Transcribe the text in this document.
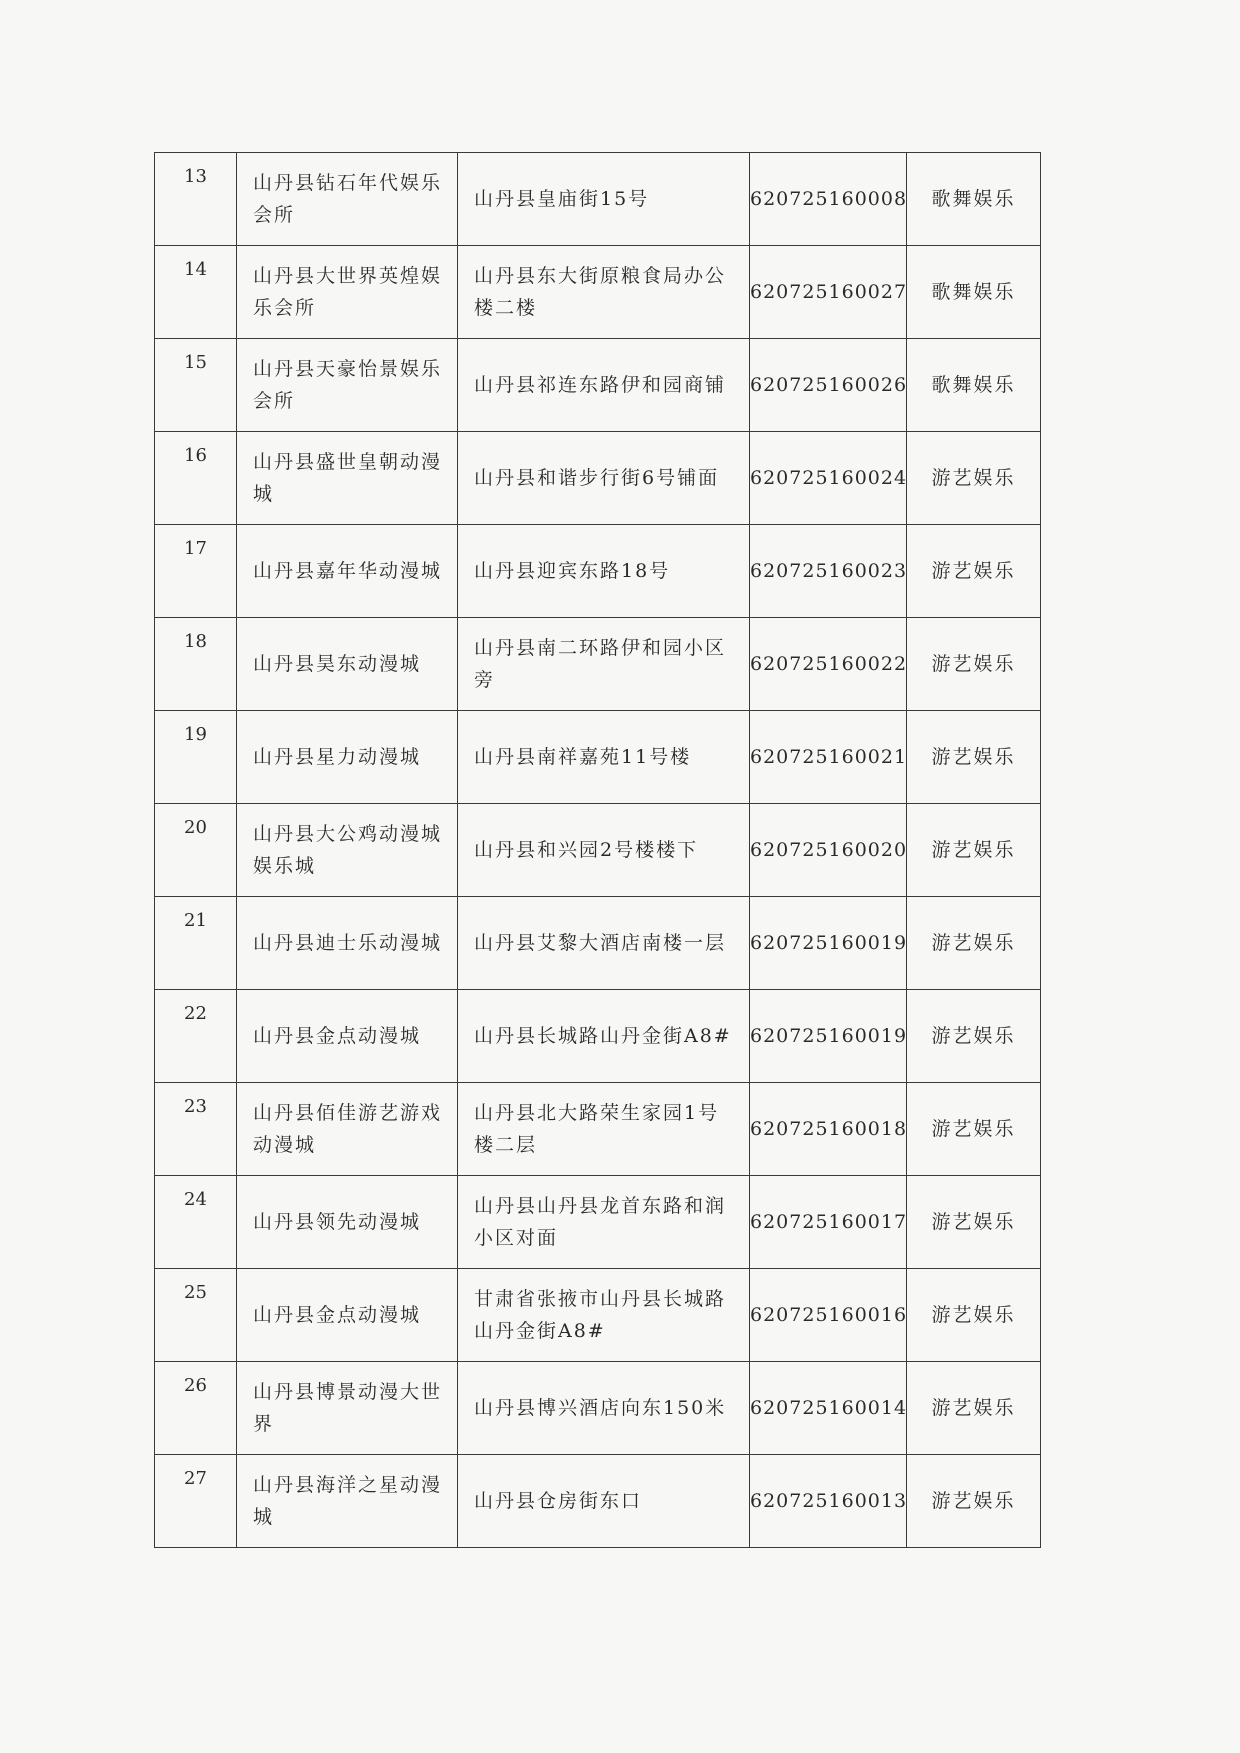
13	山丹县钻石年代娱乐会所	山丹县皇庙街15号	620725160008	歌舞娱乐

14	山丹县大世界英煌娱乐会所	山丹县东大街原粮食局办公楼二楼	620725160027	歌舞娱乐

15	山丹县天豪怡景娱乐会所	山丹县祁连东路伊和园商铺	620725160026	歌舞娱乐

16	山丹县盛世皇朝动漫城	山丹县和谐步行街6号铺面	620725160024	游艺娱乐

17	山丹县嘉年华动漫城	山丹县迎宾东路18号	620725160023	游艺娱乐

18	山丹县昊东动漫城	山丹县南二环路伊和园小区旁	620725160022	游艺娱乐

19	山丹县星力动漫城	山丹县南祥嘉苑11号楼	620725160021	游艺娱乐

20	山丹县大公鸡动漫城娱乐城	山丹县和兴园2号楼楼下	620725160020	游艺娱乐

21	山丹县迪士乐动漫城	山丹县艾黎大酒店南楼一层	620725160019	游艺娱乐

22	山丹县金点动漫城	山丹县长城路山丹金街A8#	620725160019	游艺娱乐

23	山丹县佰佳游艺游戏动漫城	山丹县北大路荣生家园1号楼二层	620725160018	游艺娱乐

24	山丹县领先动漫城	山丹县山丹县龙首东路和润小区对面	620725160017	游艺娱乐

25	山丹县金点动漫城	甘肃省张掖市山丹县长城路山丹金街A8#	620725160016	游艺娱乐

26	山丹县博景动漫大世界	山丹县博兴酒店向东150米	620725160014	游艺娱乐

27	山丹县海洋之星动漫城	山丹县仓房街东口	620725160013	游艺娱乐
